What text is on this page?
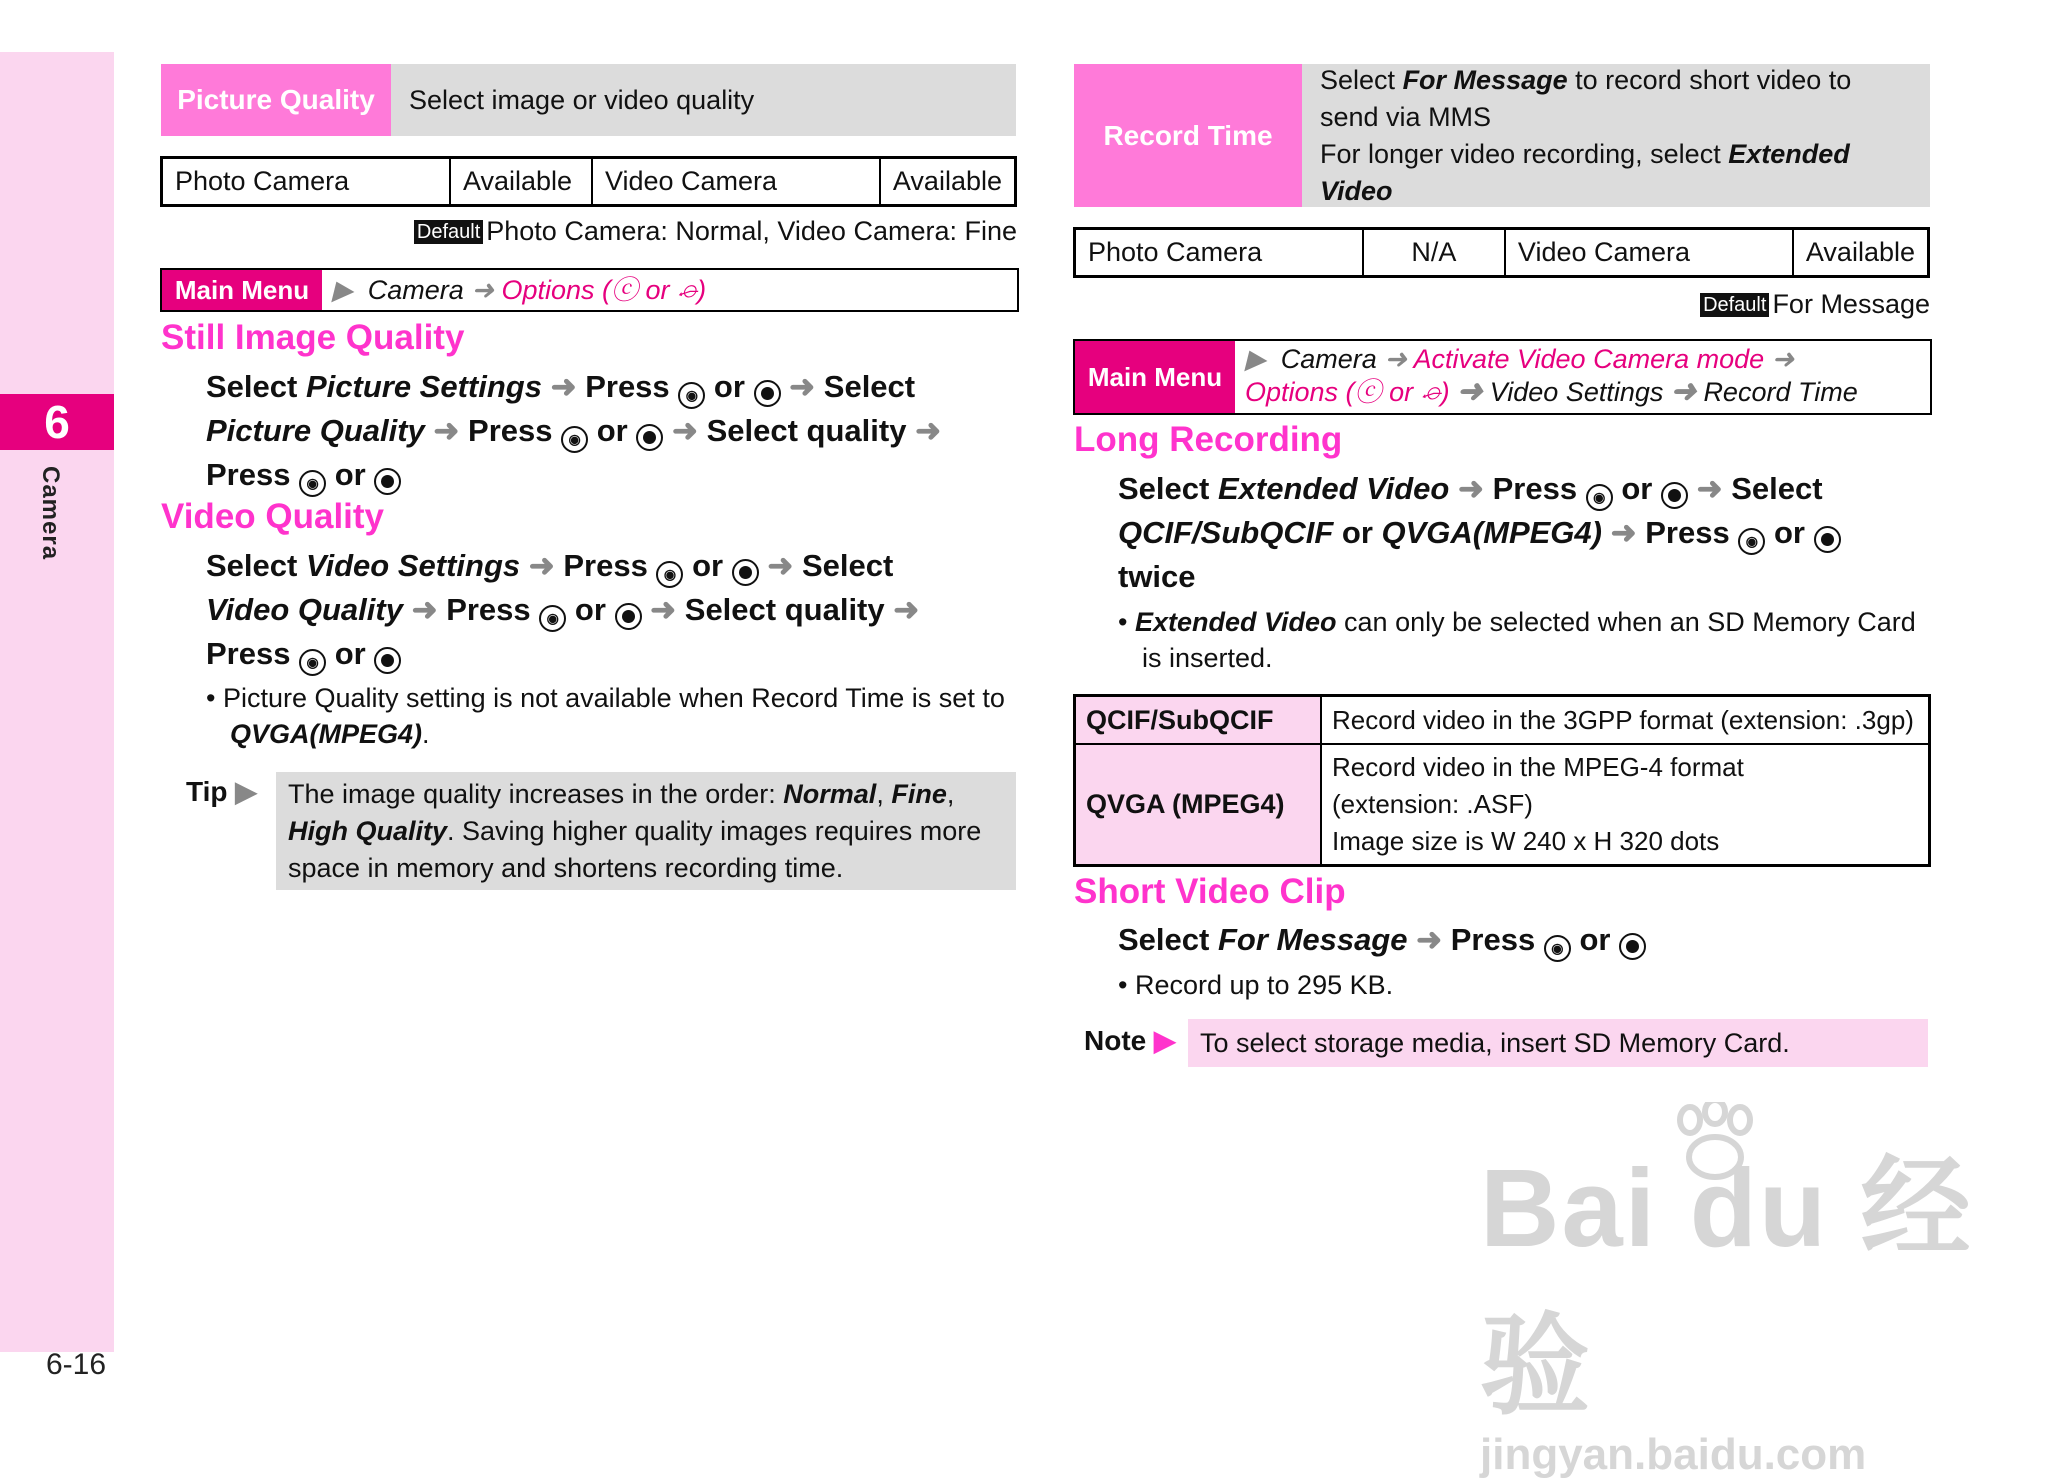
6
Camera
6-16
Picture Quality	Select image or video quality
Photo Camera	Available	Video Camera	Available
Default Photo Camera: Normal, Video Camera: Fine
Main Menu ▶ Camera ➜ Options (ⓒ or ⌮)
Still Image Quality
Select Picture Settings ➜ Press ◉ or ➜ Select
Picture Quality ➜ Press ◉ or ➜ Select quality ➜
Press ◉ or
Video Quality
Select Video Settings ➜ Press ◉ or ➜ Select
Video Quality ➜ Press ◉ or ➜ Select quality ➜
Press ◉ or
• Picture Quality setting is not available when Record Time is set to QVGA(MPEG4).
Tip ▶	The image quality increases in the order: Normal, Fine, High Quality. Saving higher quality images requires more space in memory and shortens recording time.
Record Time
Select For Message to record short video to send via MMS
For longer video recording, select Extended Video
Photo Camera	N/A	Video Camera	Available
Default For Message
Main Menu
▶ Camera ➜ Activate Video Camera mode ➜
Options (ⓒ or ⌮) ➜ Video Settings ➜ Record Time
Long Recording
Select Extended Video ➜ Press ◉ or ➜ Select
QCIF/SubQCIF or QVGA(MPEG4) ➜ Press ◉ or
twice
• Extended Video can only be selected when an SD Memory Card is inserted.
QCIF/SubQCIF	Record video in the 3GPP format (extension: .3gp)

QVGA (MPEG4)	Record video in the MPEG-4 format
(extension: .ASF)
Image size is W 240 x H 320 dots
Short Video Clip
Select For Message ➜ Press ◉ or
• Record up to 295 KB.
Note ▶ To select storage media, insert SD Memory Card.
Bai du 经验
jingyan.baidu.com
